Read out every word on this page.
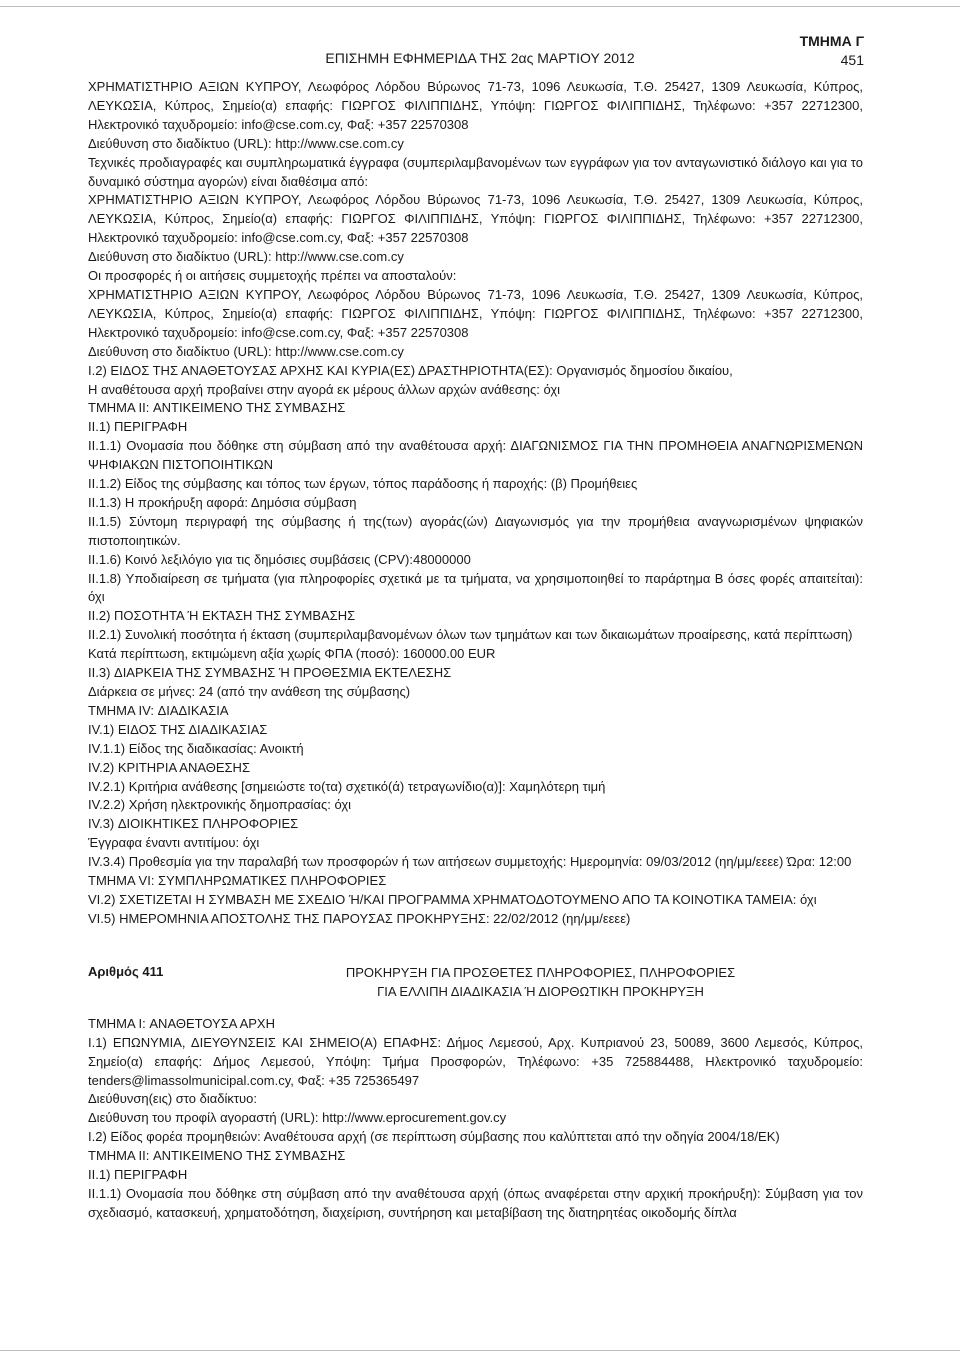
ΤΜΗΜΑ Γ
ΕΠΙΣΗΜΗ ΕΦΗΜΕΡΙΔΑ ΤΗΣ 2ας ΜΑΡΤΙΟΥ 2012	451

ΧΡΗΜΑΤΙΣΤΗΡΙΟ ΑΞΙΩΝ ΚΥΠΡΟΥ, Λεωφόρος Λόρδου Βύρωνος 71-73, 1096 Λευκωσία, Τ.Θ. 25427, 1309 Λευκωσία, Κύπρος, ΛΕΥΚΩΣΙΑ, Κύπρος, Σημείο(α) επαφής: ΓΙΩΡΓΟΣ ΦΙΛΙΠΠΙΔΗΣ, Υπόψη: ΓΙΩΡΓΟΣ ΦΙΛΙΠΠΙΔΗΣ, Τηλέφωνο: +357 22712300, Ηλεκτρονικό ταχυδρομείο: info@cse.com.cy, Φαξ: +357 22570308

Διεύθυνση στο διαδίκτυο (URL): http://www.cse.com.cy

Τεχνικές προδιαγραφές και συμπληρωματικά έγγραφα (συμπεριλαμβανομένων των εγγράφων για τον ανταγωνιστικό διάλογο και για το δυναμικό σύστημα αγορών) είναι διαθέσιμα από:

ΧΡΗΜΑΤΙΣΤΗΡΙΟ ΑΞΙΩΝ ΚΥΠΡΟΥ, Λεωφόρος Λόρδου Βύρωνος 71-73, 1096 Λευκωσία, Τ.Θ. 25427, 1309 Λευκωσία, Κύπρος, ΛΕΥΚΩΣΙΑ, Κύπρος, Σημείο(α) επαφής: ΓΙΩΡΓΟΣ ΦΙΛΙΠΠΙΔΗΣ, Υπόψη: ΓΙΩΡΓΟΣ ΦΙΛΙΠΠΙΔΗΣ, Τηλέφωνο: +357 22712300, Ηλεκτρονικό ταχυδρομείο: info@cse.com.cy, Φαξ: +357 22570308

Διεύθυνση στο διαδίκτυο (URL): http://www.cse.com.cy

Οι προσφορές ή οι αιτήσεις συμμετοχής πρέπει να αποσταλούν:

ΧΡΗΜΑΤΙΣΤΗΡΙΟ ΑΞΙΩΝ ΚΥΠΡΟΥ, Λεωφόρος Λόρδου Βύρωνος 71-73, 1096 Λευκωσία, Τ.Θ. 25427, 1309 Λευκωσία, Κύπρος, ΛΕΥΚΩΣΙΑ, Κύπρος, Σημείο(α) επαφής: ΓΙΩΡΓΟΣ ΦΙΛΙΠΠΙΔΗΣ, Υπόψη: ΓΙΩΡΓΟΣ ΦΙΛΙΠΠΙΔΗΣ, Τηλέφωνο: +357 22712300, Ηλεκτρονικό ταχυδρομείο: info@cse.com.cy, Φαξ: +357 22570308

Διεύθυνση στο διαδίκτυο (URL): http://www.cse.com.cy

I.2) ΕΙΔΟΣ ΤΗΣ ΑΝΑΘΕΤΟΥΣΑΣ ΑΡΧΗΣ ΚΑΙ ΚΥΡΙΑ(ΕΣ) ΔΡΑΣΤΗΡΙΟΤΗΤΑ(ΕΣ): Οργανισμός δημοσίου δικαίου,

Η αναθέτουσα αρχή προβαίνει στην αγορά εκ μέρους άλλων αρχών ανάθεσης: όχι

ΤΜΗΜΑ II: ΑΝΤΙΚΕΙΜΕΝΟ ΤΗΣ ΣΥΜΒΑΣΗΣ

II.1) ΠΕΡΙΓΡΑΦΗ

II.1.1) Ονομασία που δόθηκε στη σύμβαση από την αναθέτουσα αρχή: ΔΙΑΓΩΝΙΣΜΟΣ ΓΙΑ ΤΗΝ ΠΡΟΜΗΘΕΙΑ ΑΝΑΓΝΩΡΙΣΜΕΝΩΝ ΨΗΦΙΑΚΩΝ ΠΙΣΤΟΠΟΙΗΤΙΚΩΝ

II.1.2) Είδος της σύμβασης και τόπος των έργων, τόπος παράδοσης ή παροχής: (β) Προμήθειες

II.1.3) Η προκήρυξη αφορά: Δημόσια σύμβαση

II.1.5) Σύντομη περιγραφή της σύμβασης ή της(των) αγοράς(ών) Διαγωνισμός για την προμήθεια αναγνωρισμένων ψηφιακών πιστοποιητικών.

II.1.6) Κοινό λεξιλόγιο για τις δημόσιες συμβάσεις (CPV):48000000

II.1.8) Υποδιαίρεση σε τμήματα (για πληροφορίες σχετικά με τα τμήματα, να χρησιμοποιηθεί το παράρτημα Β όσες φορές απαιτείται): όχι

II.2) ΠΟΣΟΤΗΤΑ Ή ΕΚΤΑΣΗ ΤΗΣ ΣΥΜΒΑΣΗΣ

II.2.1) Συνολική ποσότητα ή έκταση (συμπεριλαμβανομένων όλων των τμημάτων και των δικαιωμάτων προαίρεσης, κατά περίπτωση)

Κατά περίπτωση, εκτιμώμενη αξία χωρίς ΦΠΑ (ποσό): 160000.00 EUR

II.3) ΔΙΑΡΚΕΙΑ ΤΗΣ ΣΥΜΒΑΣΗΣ Ή ΠΡΟΘΕΣΜΙΑ ΕΚΤΕΛΕΣΗΣ

Διάρκεια σε μήνες: 24 (από την ανάθεση της σύμβασης)

ΤΜΗΜΑ IV: ΔΙΑΔΙΚΑΣΙΑ

IV.1) ΕΙΔΟΣ ΤΗΣ ΔΙΑΔΙΚΑΣΙΑΣ

IV.1.1) Είδος της διαδικασίας: Ανοικτή

IV.2) ΚΡΙΤΗΡΙΑ ΑΝΑΘΕΣΗΣ

IV.2.1) Κριτήρια ανάθεσης [σημειώστε το(τα) σχετικό(ά) τετραγωνίδιο(α)]: Χαμηλότερη τιμή

IV.2.2) Χρήση ηλεκτρονικής δημοπρασίας: όχι

IV.3) ΔΙΟΙΚΗΤΙΚΕΣ ΠΛΗΡΟΦΟΡΙΕΣ

Έγγραφα έναντι αντιτίμου: όχι

IV.3.4) Προθεσμία για την παραλαβή των προσφορών ή των αιτήσεων συμμετοχής: Ημερομηνία: 09/03/2012 (ηη/μμ/εεεε) Ώρα: 12:00

ΤΜΗΜΑ VI: ΣΥΜΠΛΗΡΩΜΑΤΙΚΕΣ ΠΛΗΡΟΦΟΡΙΕΣ

VI.2) ΣΧΕΤΙΖΕΤΑΙ Η ΣΥΜΒΑΣΗ ΜΕ ΣΧΕΔΙΟ Ή/ΚΑΙ ΠΡΟΓΡΑΜΜΑ ΧΡΗΜΑΤΟΔΟΤΟΥΜΕΝΟ ΑΠΟ ΤΑ ΚΟΙΝΟΤΙΚΑ ΤΑΜΕΙΑ: όχι

VI.5) ΗΜΕΡΟΜΗΝΙΑ ΑΠΟΣΤΟΛΗΣ ΤΗΣ ΠΑΡΟΥΣΑΣ ΠΡΟΚΗΡΥΞΗΣ: 22/02/2012 (ηη/μμ/εεεε)

Αριθμός 411	ΠΡΟΚΗΡΥΞΗ ΓΙΑ ΠΡΟΣΘΕΤΕΣ ΠΛΗΡΟΦΟΡΙΕΣ, ΠΛΗΡΟΦΟΡΙΕΣ
ΓΙΑ ΕΛΛΙΠΗ ΔΙΑΔΙΚΑΣΙΑ Ή ΔΙΟΡΘΩΤΙΚΗ ΠΡΟΚΗΡΥΞΗ

ΤΜΗΜΑ I: ΑΝΑΘΕΤΟΥΣΑ ΑΡΧΗ

I.1) ΕΠΩΝΥΜΙΑ, ΔΙΕΥΘΥΝΣΕΙΣ ΚΑΙ ΣΗΜΕΙΟ(Α) ΕΠΑΦΗΣ: Δήμος Λεμεσού, Αρχ. Κυπριανού 23, 50089, 3600 Λεμεσός, Κύπρος, Σημείο(α) επαφής: Δήμος Λεμεσού, Υπόψη: Τμήμα Προσφορών, Τηλέφωνο: +35 725884488, Ηλεκτρονικό ταχυδρομείο: tenders@limassolmunicipal.com.cy, Φαξ: +35 725365497

Διεύθυνση(εις) στο διαδίκτυο:

Διεύθυνση του προφίλ αγοραστή (URL): http://www.eprocurement.gov.cy

I.2) Είδος φορέα προμηθειών: Αναθέτουσα αρχή (σε περίπτωση σύμβασης που καλύπτεται από την οδηγία 2004/18/ΕΚ)

ΤΜΗΜΑ II: ΑΝΤΙΚΕΙΜΕΝΟ ΤΗΣ ΣΥΜΒΑΣΗΣ

II.1) ΠΕΡΙΓΡΑΦΗ

II.1.1) Ονομασία που δόθηκε στη σύμβαση από την αναθέτουσα αρχή (όπως αναφέρεται στην αρχική προκήρυξη): Σύμβαση για τον σχεδιασμό, κατασκευή, χρηματοδότηση, διαχείριση, συντήρηση και μεταβίβαση της διατηρητέας οικοδομής δίπλα
